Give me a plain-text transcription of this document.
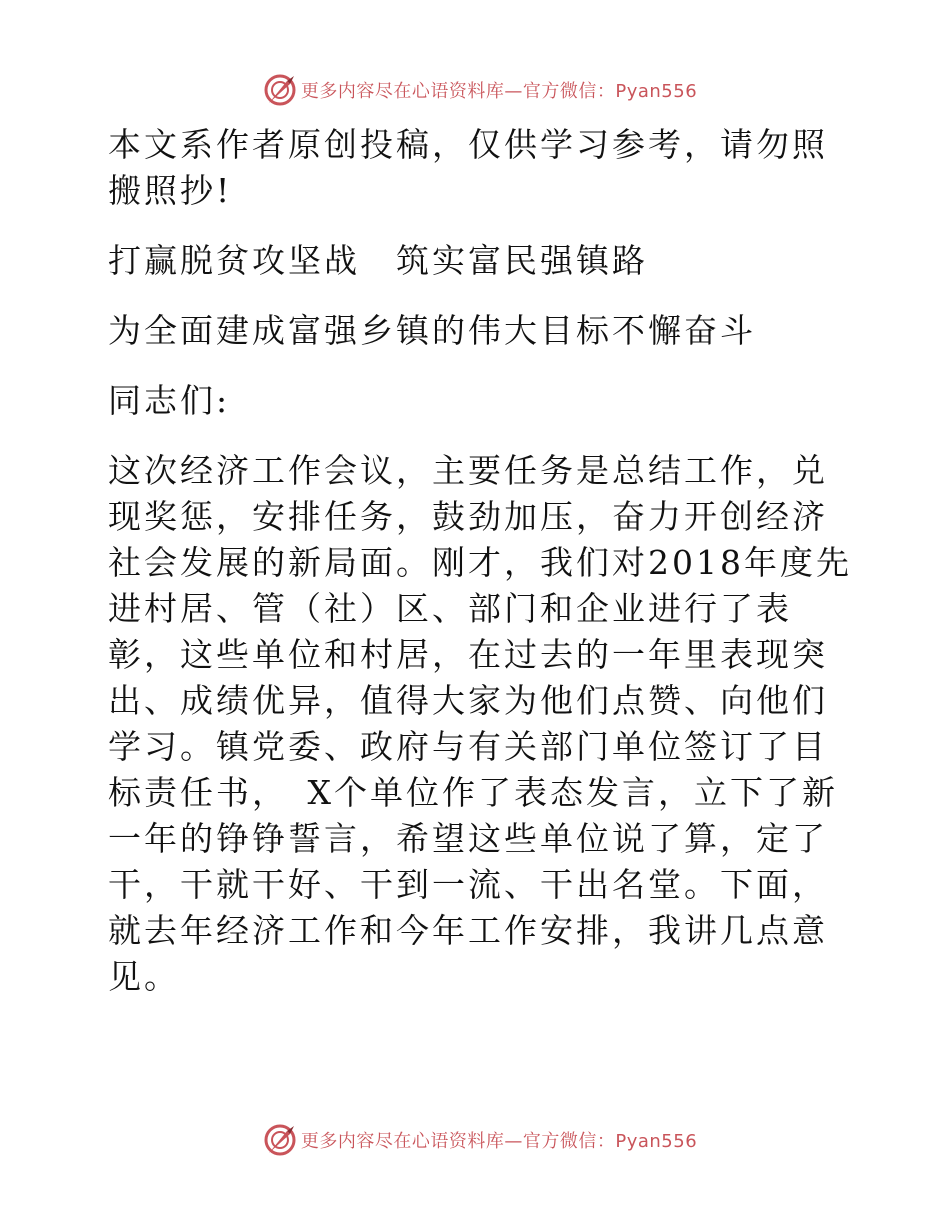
更多内容尽在心语资料库—官方微信：Pyan556

本文系作者原创投稿，仅供学习参考，请勿照搬照抄!

打赢脱贫攻坚战　筑实富民强镇路

为全面建成富强乡镇的伟大目标不懈奋斗

同志们:

这次经济工作会议，主要任务是总结工作，兑现奖惩，安排任务，鼓劲加压，奋力开创经济社会发展的新局面。刚才，我们对2018年度先进村居、管（社）区、部门和企业进行了表彰，这些单位和村居，在过去的一年里表现突出、成绩优异，值得大家为他们点赞、向他们学习。镇党委、政府与有关部门单位签订了目标责任书，　X个单位作了表态发言，立下了新一年的铮铮誓言，希望这些单位说了算，定了干，干就干好、干到一流、干出名堂。下面，就去年经济工作和今年工作安排，我讲几点意见。

更多内容尽在心语资料库—官方微信：Pyan556
